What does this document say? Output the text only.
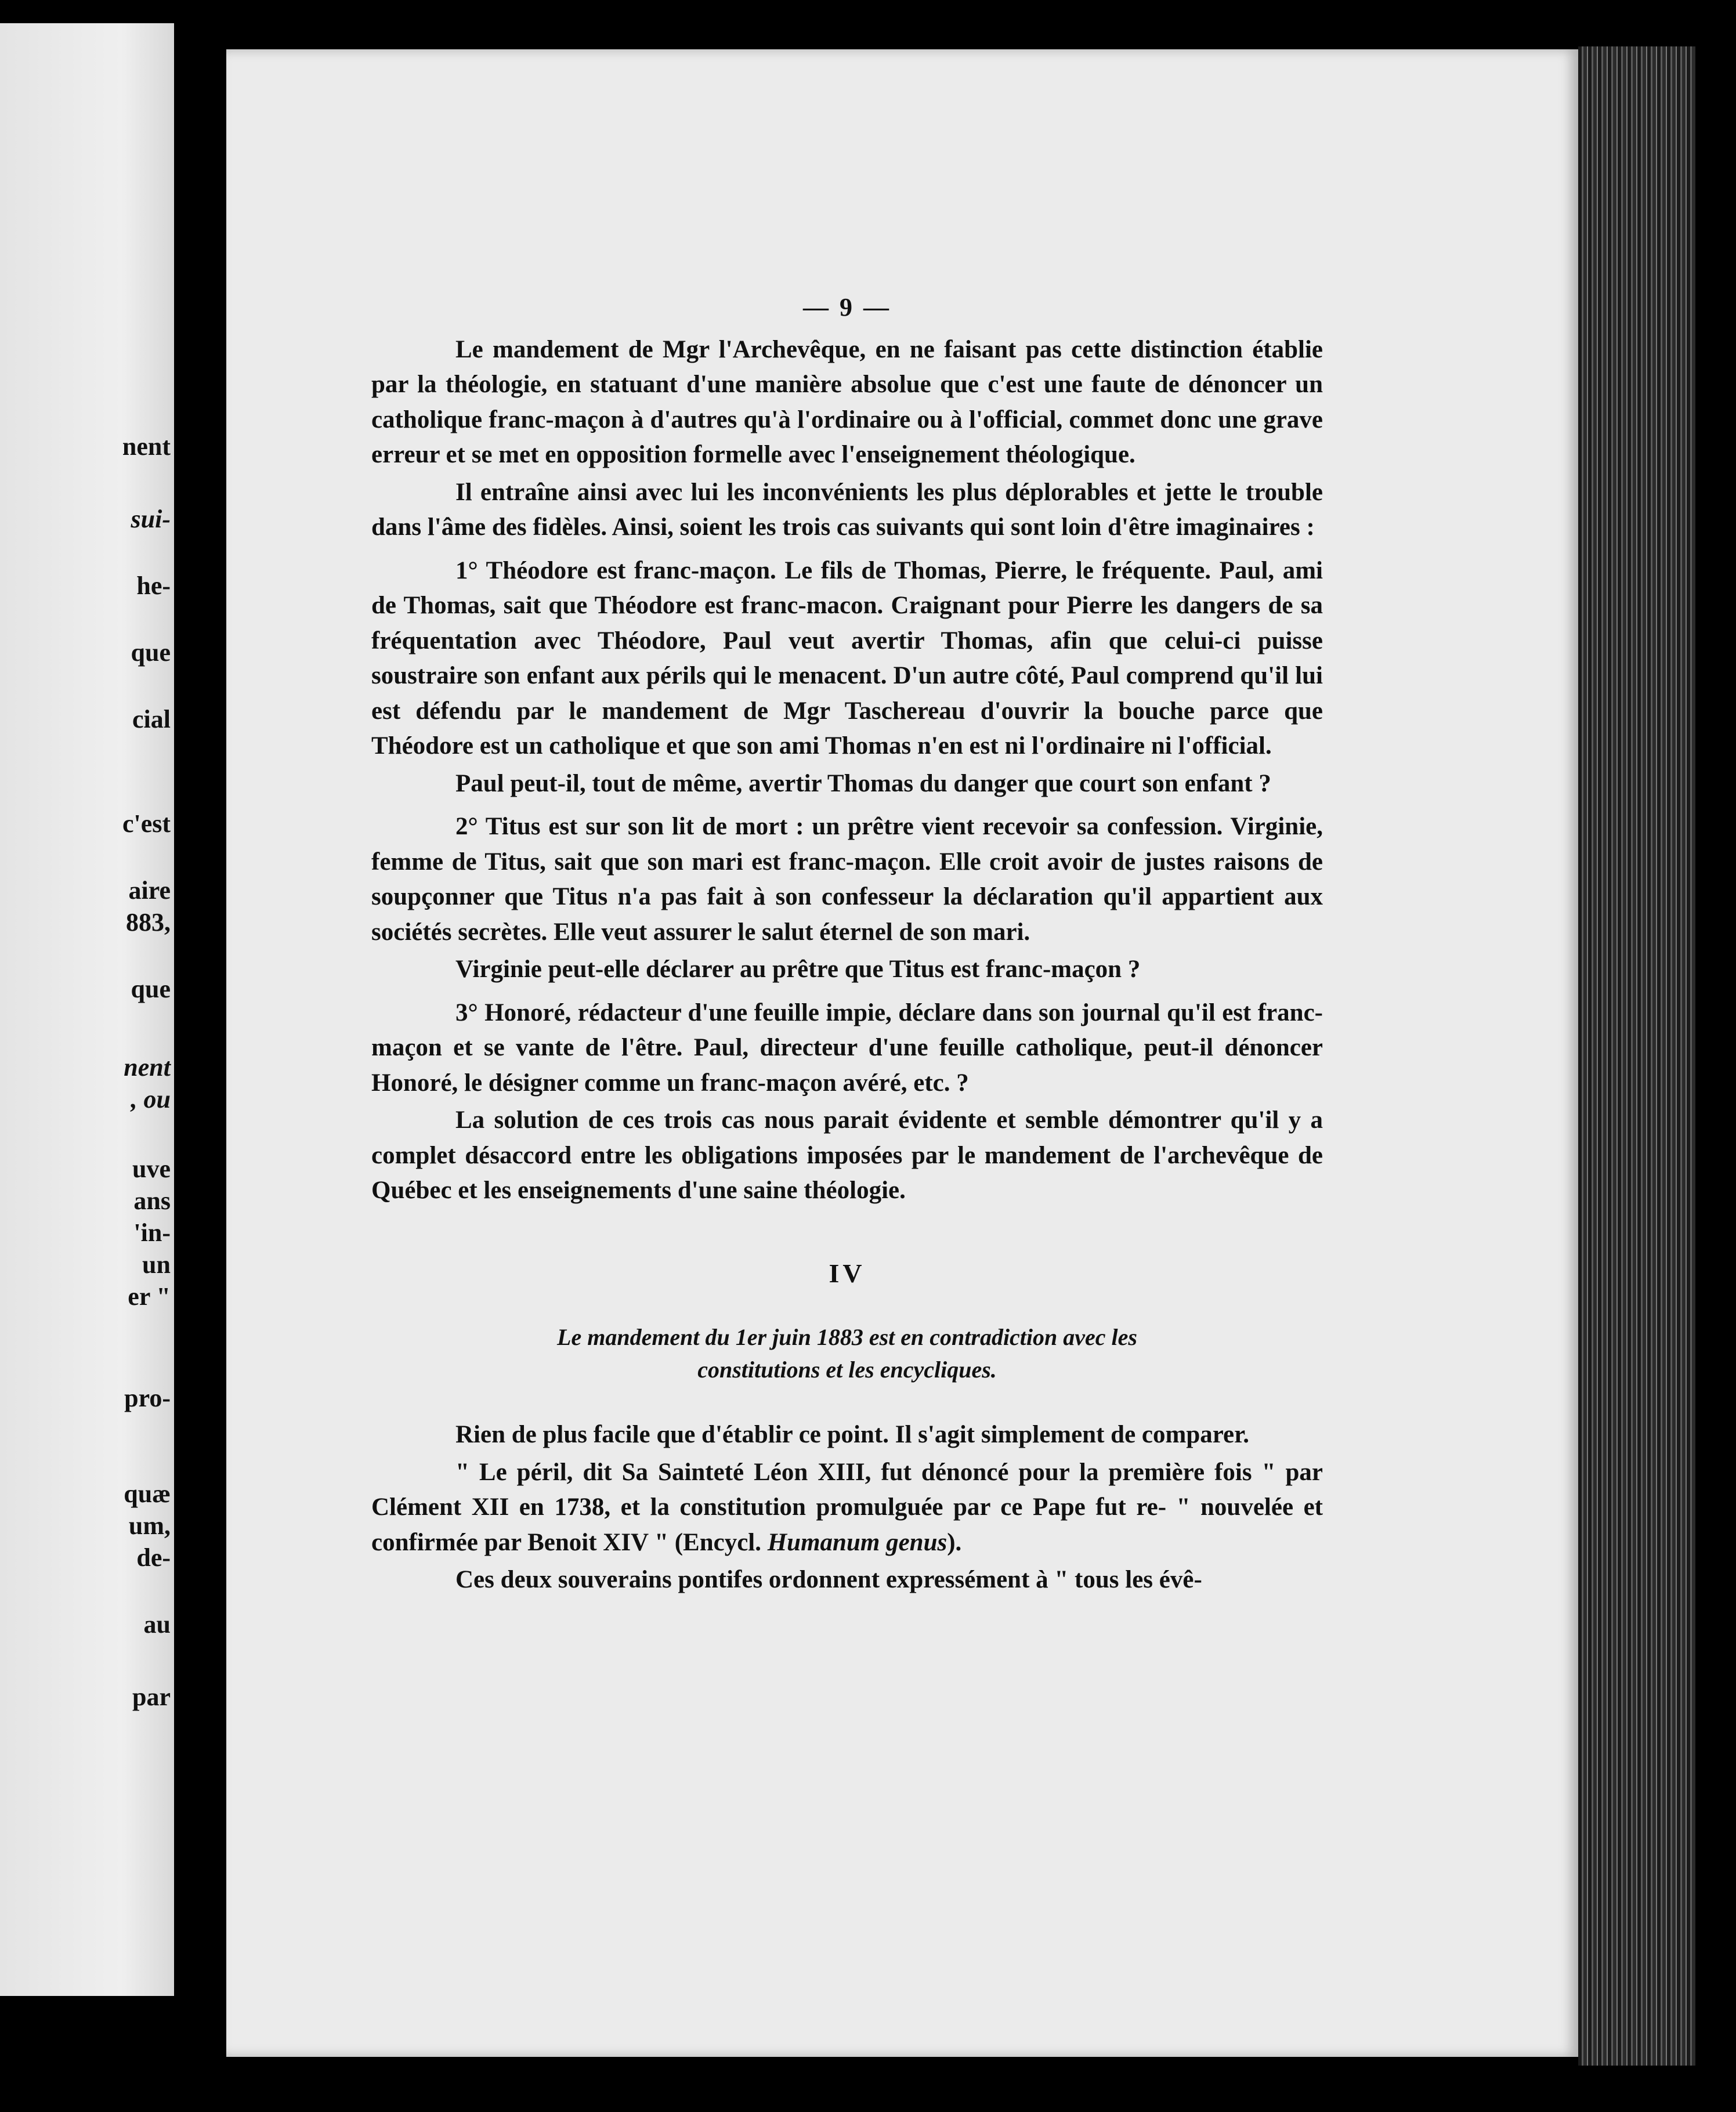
nent
sui-
he-
que
cial
c'est
aire
883,
que
nent
, ou
uve
ans
'in-
un
er "
pro-
quæ
um,
de-
au
par
— 9 —

Le mandement de Mgr l'Archevêque, en ne faisant pas cette distinction établie par la théologie, en statuant d'une manière absolue que c'est une faute de dénoncer un catholique franc-maçon à d'autres qu'à l'ordinaire ou à l'official, commet donc une grave erreur et se met en opposition formelle avec l'enseignement théologique.

Il entraîne ainsi avec lui les inconvénients les plus déplorables et jette le trouble dans l'âme des fidèles. Ainsi, soient les trois cas suivants qui sont loin d'être imaginaires :

1° Théodore est franc-maçon. Le fils de Thomas, Pierre, le fréquente. Paul, ami de Thomas, sait que Théodore est franc-macon. Craignant pour Pierre les dangers de sa fréquentation avec Théodore, Paul veut avertir Thomas, afin que celui-ci puisse soustraire son enfant aux périls qui le menacent. D'un autre côté, Paul comprend qu'il lui est défendu par le mandement de Mgr Taschereau d'ouvrir la bouche parce que Théodore est un catholique et que son ami Thomas n'en est ni l'ordinaire ni l'official.

Paul peut-il, tout de même, avertir Thomas du danger que court son enfant ?

2° Titus est sur son lit de mort : un prêtre vient recevoir sa confession. Virginie, femme de Titus, sait que son mari est franc-maçon. Elle croit avoir de justes raisons de soupçonner que Titus n'a pas fait à son confesseur la déclaration qu'il appartient aux sociétés secrètes. Elle veut assurer le salut éternel de son mari.

Virginie peut-elle déclarer au prêtre que Titus est franc-maçon ?

3° Honoré, rédacteur d'une feuille impie, déclare dans son journal qu'il est franc-maçon et se vante de l'être. Paul, directeur d'une feuille catholique, peut-il dénoncer Honoré, le désigner comme un franc-maçon avéré, etc. ?

La solution de ces trois cas nous parait évidente et semble démontrer qu'il y a complet désaccord entre les obligations imposées par le mandement de l'archevêque de Québec et les enseignements d'une saine théologie.

IV
Le mandement du 1er juin 1883 est en contradiction avec les
constitutions et les encycliques.

Rien de plus facile que d'établir ce point. Il s'agit simplement de comparer.

" Le péril, dit Sa Sainteté Léon XIII, fut dénoncé pour la première fois " par Clément XII en 1738, et la constitution promulguée par ce Pape fut re- " nouvelée et confirmée par Benoit XIV " (Encycl. Humanum genus).

Ces deux souverains pontifes ordonnent expressément à " tous les évê-
